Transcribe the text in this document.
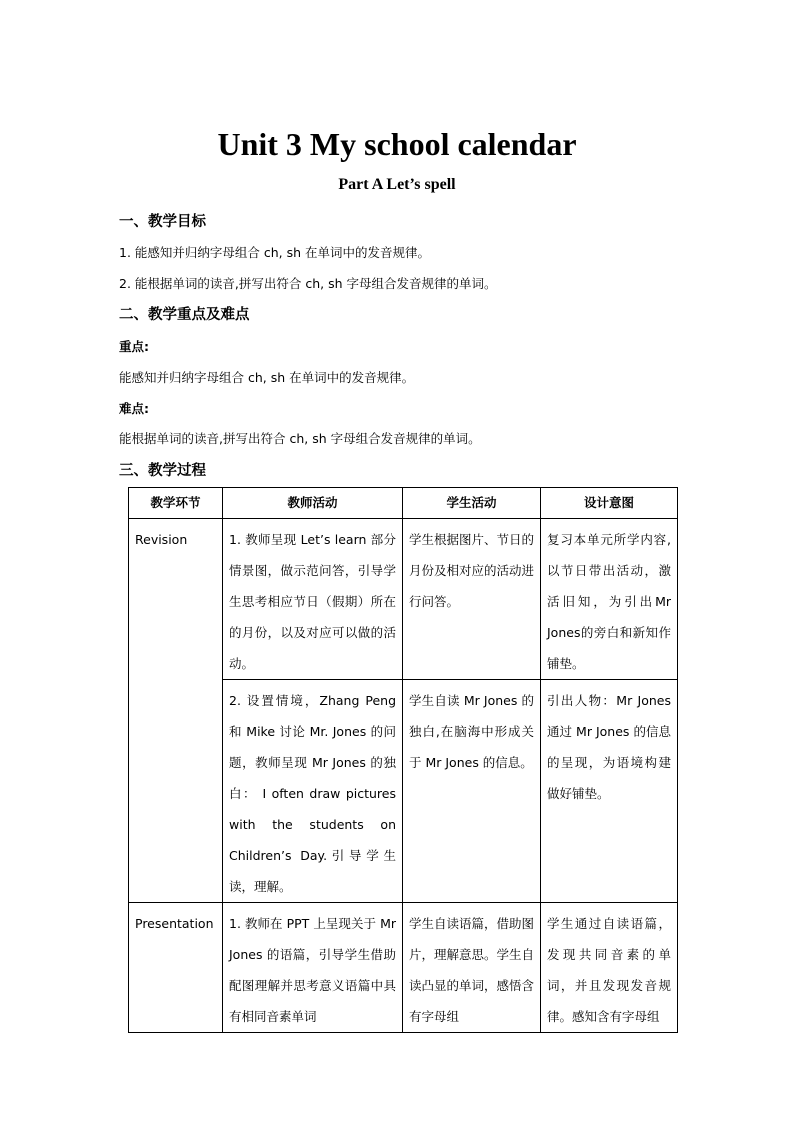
Unit 3 My school calendar
Part A Let’s spell
一、教学目标
1. 能感知并归纳字母组合 ch, sh 在单词中的发音规律。
2. 能根据单词的读音,拼写出符合 ch, sh 字母组合发音规律的单词。
二、教学重点及难点
重点:
能感知并归纳字母组合 ch, sh 在单词中的发音规律。
难点:
能根据单词的读音,拼写出符合 ch, sh 字母组合发音规律的单词。
三、教学过程
教学环节	教师活动	学生活动	设计意图
Revision	1. 教师呈现 Let’s learn 部分情景图，做示范问答，引导学生思考相应节日（假期）所在的月份，以及对应可以做的活动。	学生根据图片、节日的月份及相对应的活动进行问答。	复习本单元所学内容,以节日带出活动，激活旧知，为引出Mr Jones的旁白和新知作铺垫。
	2. 设置情境，Zhang Peng 和 Mike 讨论 Mr. Jones 的问题，教师呈现 Mr Jones 的独白： I often draw pictures with the students on Children’s Day.引导学生读，理解。	学生自读 Mr Jones 的独白,在脑海中形成关于 Mr Jones 的信息。	引出人物：Mr Jones 通过 Mr Jones 的信息的呈现，为语境构建做好铺垫。
Presentation	1. 教师在 PPT 上呈现关于 Mr Jones 的语篇，引导学生借助配图理解并思考意义语篇中具有相同音素单词	学生自读语篇，借助图片，理解意思。学生自读凸显的单词，感悟含有字母组	学生通过自读语篇，发现共同音素的单词，并且发现发音规律。感知含有字母组
